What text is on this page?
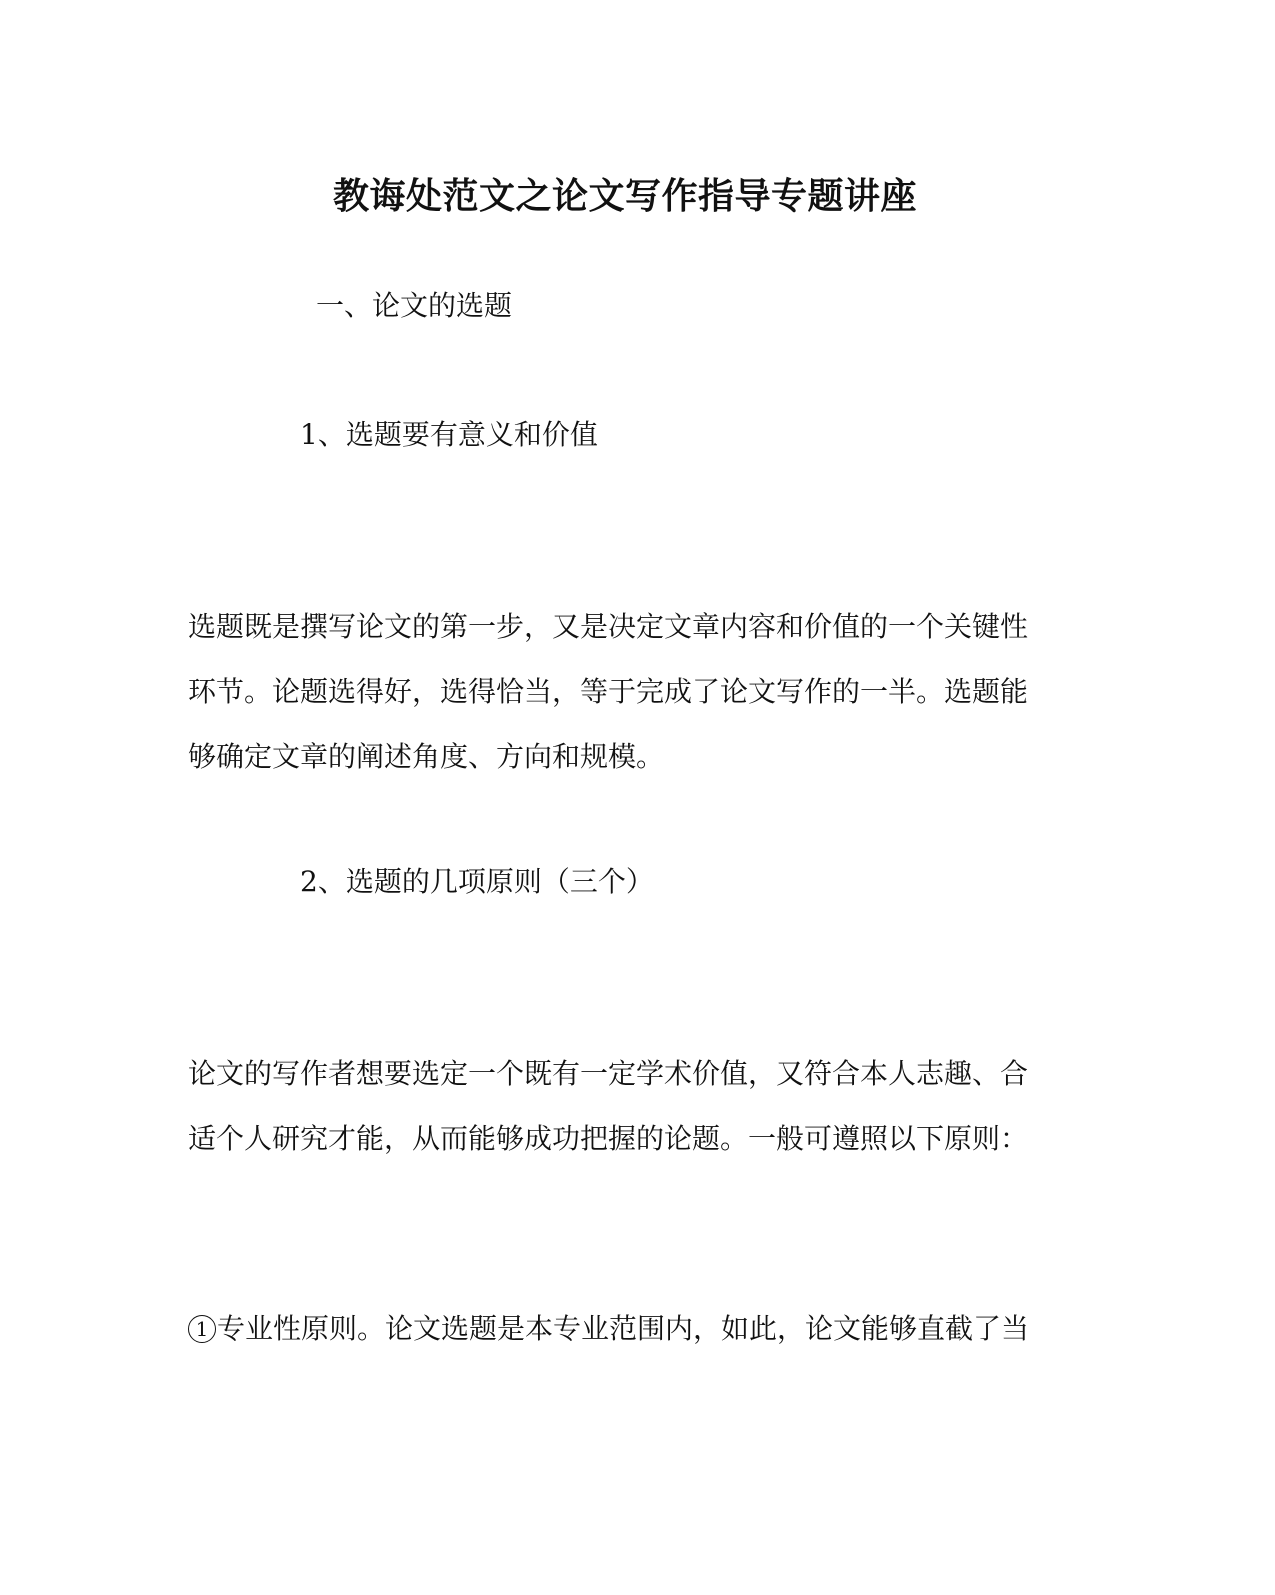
教诲处范文之论文写作指导专题讲座
一、论文的选题
1、选题要有意义和价值
选题既是撰写论文的第一步，又是决定文章内容和价值的一个关键性
环节。论题选得好，选得恰当，等于完成了论文写作的一半。选题能
够确定文章的阐述角度、方向和规模。
2、选题的几项原则（三个）
论文的写作者想要选定一个既有一定学术价值，又符合本人志趣、合
适个人研究才能，从而能够成功把握的论题。一般可遵照以下原则：
1 专业性原则。论文选题是本专业范围内，如此，论文能够直截了当
